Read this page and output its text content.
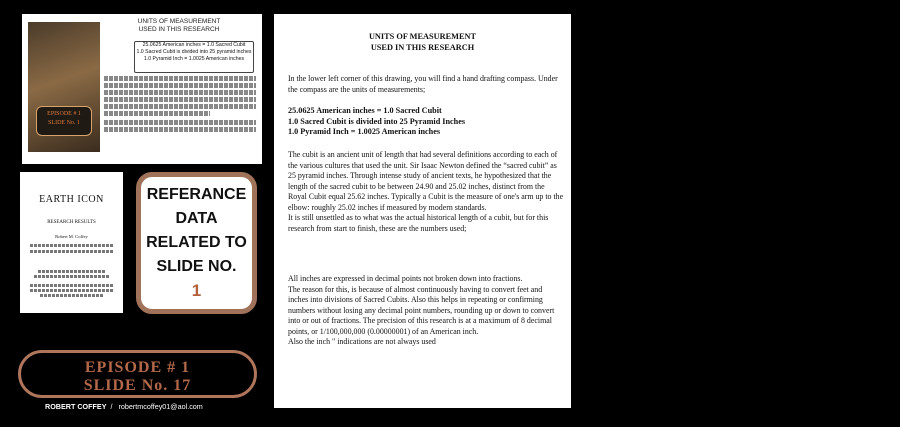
EPISODE # 1
SLIDE No. 1
UNITS OF MEASUREMENT
USED IN THIS RESEARCH
25.0625 American inches = 1.0 Sacred Cubit
1.0 Sacred Cubit is divided into 25 pyramid inches
1.0 Pyramid Inch = 1.0025 American inches
EARTH ICON
RESEARCH RESULTS
Robert M. Coffey
REFERANCE
DATA
RELATED TO
SLIDE NO.
1
EPISODE # 1
SLIDE No. 17
ROBERT COFFEY  /   robertmcoffey01@aol.com
UNITS OF MEASUREMENT
USED IN THIS RESEARCH
In the lower left corner of this drawing, you will find a hand drafting compass. Under the compass are the units of measurements;
25.0625 American inches = 1.0 Sacred Cubit
1.0 Sacred Cubit is divided into 25 Pyramid Inches
1.0 Pyramid Inch = 1.0025 American inches
The cubit is an ancient unit of length that had several definitions according to each of the various cultures that used the unit. Sir Isaac Newton defined the “sacred cubit” as 25 pyramid inches. Through intense study of ancient texts, he hypothesized that the length of the sacred cubit to be between 24.90 and 25.02 inches, distinct from the Royal Cubit equal 25.62 inches. Typically a Cubit is the measure of one's arm up to the elbow: roughly 25.02 inches if measured by modern standards.
It is still unsettled as to what was the actual historical length of a cubit, but for this research from start to finish, these are the numbers used;
All inches are expressed in decimal points not broken down into fractions.
The reason for this, is because of almost continuously having to convert feet and inches into divisions of Sacred Cubits. Also this helps in repeating or confirming numbers without losing any decimal point numbers, rounding up or down to convert into or out of fractions. The precision of this research is at a maximum of 8 decimal points, or 1/100,000,000 (0.00000001) of an American inch.
Also the inch " indications are not always used
